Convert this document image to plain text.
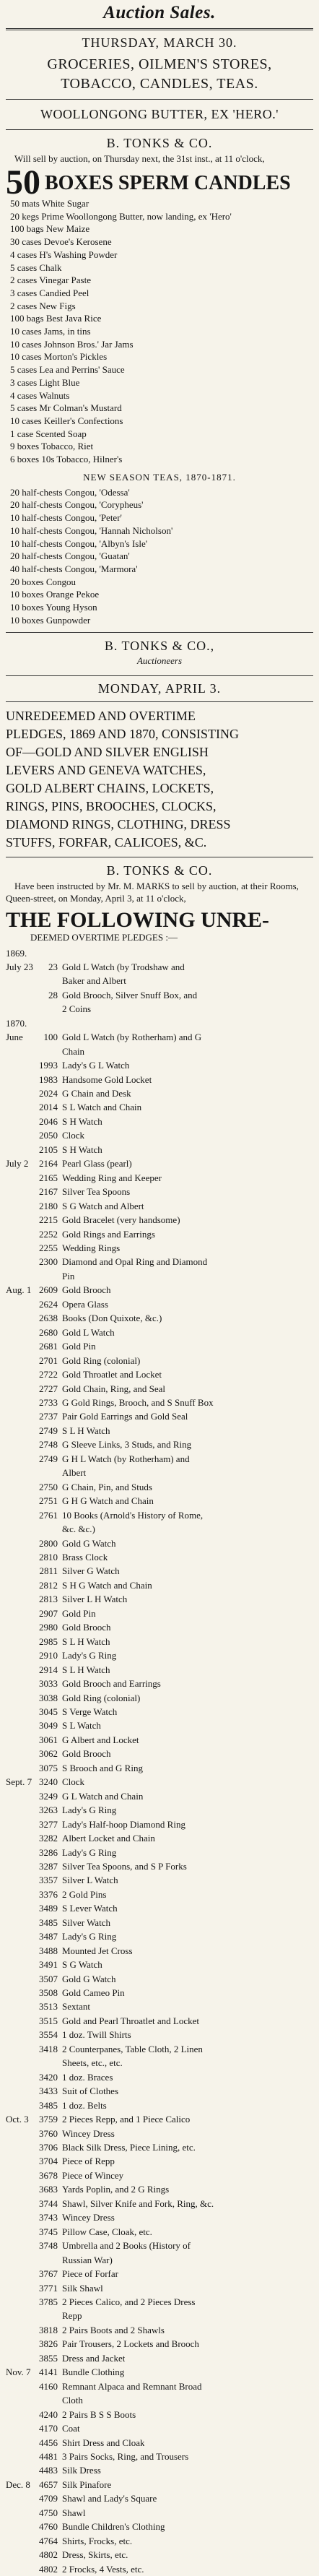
Auction Sales.
THURSDAY, MARCH 30.
GROCERIES, OILMEN'S STORES,
TOBACCO, CANDLES, TEAS.
WOOLLONGONG BUTTER, EX 'HERO.'
B. TONKS & CO.
Will sell by auction, on Thursday next, the 31st inst., at 11 o'clock,
50 BOXES SPERM CANDLES
50 mats White Sugar
20 kegs Prime Woollongong Butter, now landing, ex 'Hero'
100 bags New Maize
30 cases Devoe's Kerosene
4 cases H's Washing Powder
5 cases Chalk
2 cases Vinegar Paste
3 cases Candied Peel
2 cases New Figs
100 bags Best Java Rice
10 cases Jams, in tins
10 cases Johnson Bros.' Jar Jams
10 cases Morton's Pickles
5 cases Lea and Perrins' Sauce
3 cases Light Blue
4 cases Walnuts
5 cases Mr Colman's Mustard
10 cases Keiller's Confections
1 case Scented Soap
9 boxes Tobacco, Riet
6 boxes 10s Tobacco, Hilner's
NEW SEASON TEAS, 1870-1871.
20 half-chests Congou, 'Odessa'
20 half-chests Congou, 'Corypheus'
10 half-chests Congou, 'Peter'
10 half-chests Congou, 'Hannah Nicholson'
10 half-chests Congou, 'Albyn's Isle'
20 half-chests Congou, 'Guatan'
40 half-chests Congou, 'Marmora'
20 boxes Congou
10 boxes Orange Pekoe
10 boxes Young Hyson
10 boxes Gunpowder
B. TONKS & CO.,
Auctioneers
MONDAY, APRIL 3.
UNREDEEMED AND OVERTIME
PLEDGES, 1869 AND 1870, CONSISTING
OF—GOLD AND SILVER ENGLISH
LEVERS AND GENEVA WATCHES,
GOLD ALBERT CHAINS, LOCKETS,
RINGS, PINS, BROOCHES, CLOCKS,
DIAMOND RINGS, CLOTHING, DRESS
STUFFS, FORFAR, CALICOES, &C.
B. TONKS & CO.
Have been instructed by Mr. M. MARKS to sell by auction, at their Rooms, Queen-street, on Monday, April 3, at 11 o'clock,
THE FOLLOWING UNRE-
DEEMED OVERTIME PLEDGES :—
1869.
July 23	23 Gold L Watch (by Trodshaw and
Baker and Albert
28 Gold Brooch, Silver Snuff Box, and
2 Coins
1870.
June	100 Gold L Watch (by Rotherham) and G
Chain
1993 Lady's G L Watch
1983 Handsome Gold Locket
2024 G Chain and Desk
2014 S L Watch and Chain
2046 S H Watch
2050 Clock
2105 S H Watch
July 2	2164 Pearl Glass (pearl)
2165 Wedding Ring and Keeper
2167 Silver Tea Spoons
2180 S G Watch and Albert
2215 Gold Bracelet (very handsome)
2252 Gold Rings and Earrings
2255 Wedding Rings
2300 Diamond and Opal Ring and Diamond
Pin
Aug. 1 2609 Gold Brooch
2624 Opera Glass
2638 Books (Don Quixote, &c.)
2680 Gold L Watch
2681 Gold Pin
2701 Gold Ring (colonial)
2722 Gold Throatlet and Locket
2727 Gold Chain, Ring, and Seal
2733 G Gold Rings, Brooch, and S Snuff Box
2737 Pair Gold Earrings and Gold Seal
2749 S L H Watch
2748 G Sleeve Links, 3 Studs, and Ring
2749 G H L Watch (by Rotherham) and
Albert
2750 G Chain, Pin, and Studs
2751 G H G Watch and Chain
2761 10 Books (Arnold's History of Rome,
&c. &c.)
2800 Gold G Watch
2810 Brass Clock
2811 Silver G Watch
2812 S H G Watch and Chain
2813 Silver L H Watch
2907 Gold Pin
2980 Gold Brooch
2985 S L H Watch
2910 Lady's G Ring
2914 S L H Watch
3033 Gold Brooch and Earrings
3038 Gold Ring (colonial)
3045 S Verge Watch
3049 S L Watch
3061 G Albert and Locket
3062 Gold Brooch
3075 S Brooch and G Ring
Sept. 7 3240 Clock
3249 G L Watch and Chain
3263 Lady's G Ring
3277 Lady's Half-hoop Diamond Ring
3282 Albert Locket and Chain
3286 Lady's G Ring
3287 Silver Tea Spoons, and S P Forks
3357 Silver L Watch
3376 2 Gold Pins
3489 S Lever Watch
3485 Silver Watch
3487 Lady's G Ring
3488 Mounted Jet Cross
3491 S G Watch
3507 Gold G Watch
3508 Gold Cameo Pin
3513 Sextant
3515 Gold and Pearl Throatlet and Locket
3554 1 doz. Twill Shirts
3418 2 Counterpanes, Table Cloth, 2 Linen
Sheets, etc., etc.
3420 1 doz. Braces
3433 Suit of Clothes
3485 1 doz. Belts
Oct. 3	3759 2 Pieces Repp, and 1 Piece Calico
3760 Wincey Dress
3706 Black Silk Dress, Piece Lining, etc.
3704 Piece of Repp
3678 Piece of Wincey
3683 Yards Poplin, and 2 G Rings
3744 Shawl, Silver Knife and Fork, Ring, &c.
3743 Wincey Dress
3745 Pillow Case, Cloak, etc.
3748 Umbrella and 2 Books (History of
Russian War)
3767 Piece of Forfar
3771 Silk Shawl
3785 2 Pieces Calico, and 2 Pieces Dress
Repp
3818 2 Pairs Boots and 2 Shawls
3826 Pair Trousers, 2 Lockets and Brooch
3855 Dress and Jacket
Nov. 7 4141 Bundle Clothing
4160 Remnant Alpaca and Remnant Broad
Cloth
4240 2 Pairs B S S Boots
4170 Coat
4456 Shirt Dress and Cloak
4481 3 Pairs Socks, Ring, and Trousers
4483 Silk Dress
Dec. 8 4657 Silk Pinafore
4709 Shawl and Lady's Square
4750 Shawl
4760 Bundle Children's Clothing
4764 Shirts, Frocks, etc.
4802 Dress, Skirts, etc.
4802 2 Frocks, 4 Vests, etc.
